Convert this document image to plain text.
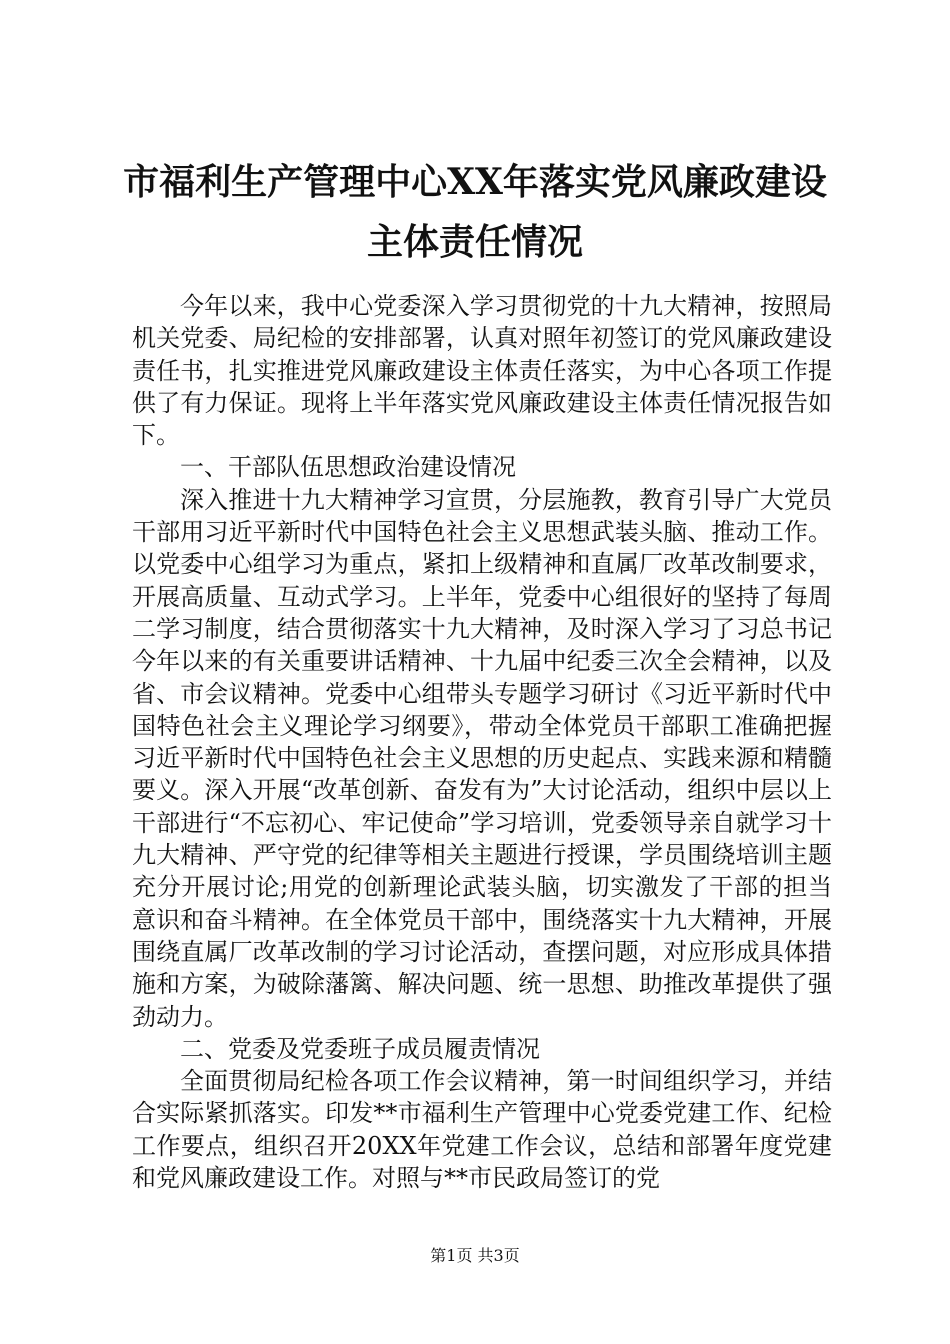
市福利生产管理中心XX年落实党风廉政建设
主体责任情况

今年以来，我中心党委深入学习贯彻党的十九大精神，按照局机关党委、局纪检的安排部署，认真对照年初签订的党风廉政建设责任书，扎实推进党风廉政建设主体责任落实，为中心各项工作提供了有力保证。现将上半年落实党风廉政建设主体责任情况报告如下。

一、干部队伍思想政治建设情况

深入推进十九大精神学习宣贯，分层施教，教育引导广大党员干部用习近平新时代中国特色社会主义思想武装头脑、推动工作。以党委中心组学习为重点，紧扣上级精神和直属厂改革改制要求，开展高质量、互动式学习。上半年，党委中心组很好的坚持了每周二学习制度，结合贯彻落实十九大精神，及时深入学习了习总书记今年以来的有关重要讲话精神、十九届中纪委三次全会精神，以及省、市会议精神。党委中心组带头专题学习研讨《习近平新时代中国特色社会主义理论学习纲要》，带动全体党员干部职工准确把握习近平新时代中国特色社会主义思想的历史起点、实践来源和精髓要义。深入开展“改革创新、奋发有为”大讨论活动，组织中层以上干部进行“不忘初心、牢记使命”学习培训，党委领导亲自就学习十九大精神、严守党的纪律等相关主题进行授课，学员围绕培训主题充分开展讨论;用党的创新理论武装头脑，切实激发了干部的担当意识和奋斗精神。在全体党员干部中，围绕落实十九大精神，开展围绕直属厂改革改制的学习讨论活动，查摆问题，对应形成具体措施和方案，为破除藩篱、解决问题、统一思想、助推改革提供了强劲动力。

二、党委及党委班子成员履责情况

全面贯彻局纪检各项工作会议精神，第一时间组织学习，并结合实际紧抓落实。印发**市福利生产管理中心党委党建工作、纪检工作要点，组织召开20XX年党建工作会议，总结和部署年度党建和党风廉政建设工作。对照与**市民政局签订的党

第1页 共3页
